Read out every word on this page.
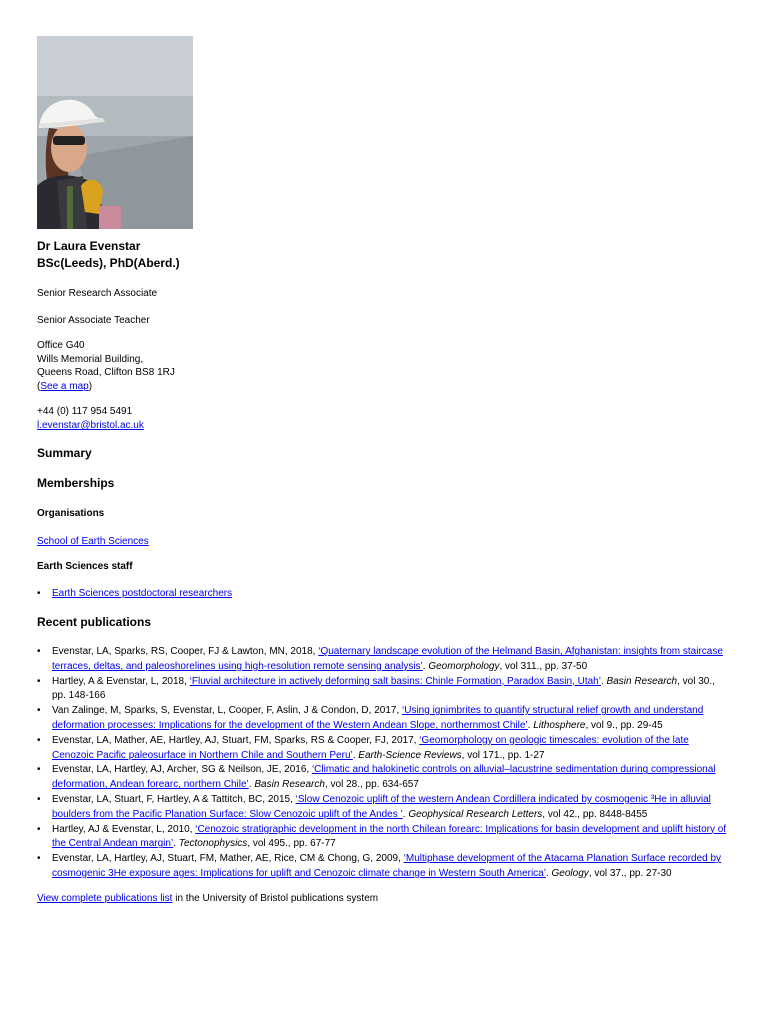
Dr Laura Evenstar
BSc(Leeds), PhD(Aberd.)
Senior Research Associate
Senior Associate Teacher
Office G40
Wills Memorial Building,
Queens Road, Clifton BS8 1RJ
(See a map)
+44 (0) 117 954 5491
l.evenstar@bristol.ac.uk
Summary
Memberships
Organisations
School of Earth Sciences
Earth Sciences staff
• Earth Sciences postdoctoral researchers
Recent publications
• Evenstar, LA, Sparks, RS, Cooper, FJ & Lawton, MN, 2018, ‘Quaternary landscape evolution of the Helmand Basin, Afghanistan: insights from staircase terraces, deltas, and paleoshorelines using high-resolution remote sensing analysis’. Geomorphology, vol 311., pp. 37-50
• Hartley, A & Evenstar, L, 2018, ‘Fluvial architecture in actively deforming salt basins: Chinle Formation, Paradox Basin, Utah’. Basin Research, vol 30., pp. 148-166
• Van Zalinge, M, Sparks, S, Evenstar, L, Cooper, F, Aslin, J & Condon, D, 2017, ‘Using ignimbrites to quantify structural relief growth and understand deformation processes: Implications for the development of the Western Andean Slope, northernmost Chile’. Lithosphere, vol 9., pp. 29-45
• Evenstar, LA, Mather, AE, Hartley, AJ, Stuart, FM, Sparks, RS & Cooper, FJ, 2017, ‘Geomorphology on geologic timescales: evolution of the late Cenozoic Pacific paleosurface in Northern Chile and Southern Peru’. Earth-Science Reviews, vol 171., pp. 1-27
• Evenstar, LA, Hartley, AJ, Archer, SG & Neilson, JE, 2016, ‘Climatic and halokinetic controls on alluvial–lacustrine sedimentation during compressional deformation, Andean forearc, northern Chile’. Basin Research, vol 28., pp. 634-657
• Evenstar, LA, Stuart, F, Hartley, A & Tattitch, BC, 2015, ‘Slow Cenozoic uplift of the western Andean Cordillera indicated by cosmogenic ³He in alluvial boulders from the Pacific Planation Surface: Slow Cenozoic uplift of the Andes ’. Geophysical Research Letters, vol 42., pp. 8448-8455
• Hartley, AJ & Evenstar, L, 2010, ‘Cenozoic stratigraphic development in the north Chilean forearc: Implications for basin development and uplift history of the Central Andean margin’. Tectonophysics, vol 495., pp. 67-77
• Evenstar, LA, Hartley, AJ, Stuart, FM, Mather, AE, Rice, CM & Chong, G, 2009, ‘Multiphase development of the Atacama Planation Surface recorded by cosmogenic 3He exposure ages: Implications for uplift and Cenozoic climate change in Western South America’. Geology, vol 37., pp. 27-30
View complete publications list in the University of Bristol publications system
